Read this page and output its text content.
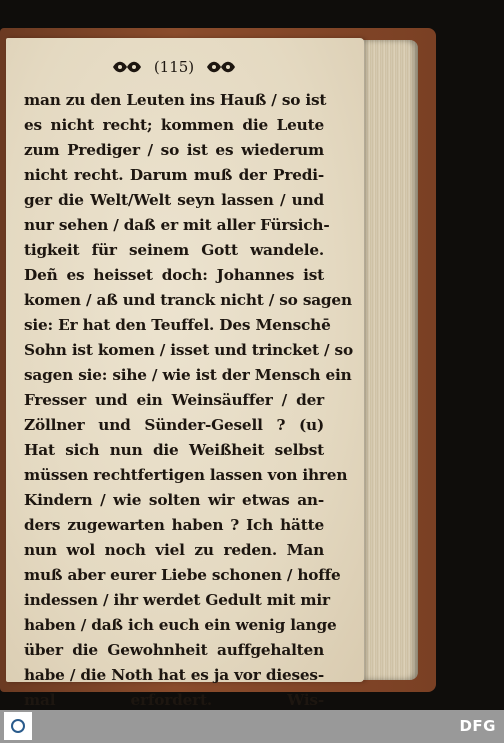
(115)
man zu den Leuten ins Hauß / so ist
es nicht recht; kommen die Leute
zum Prediger / so ist es wiederum
nicht recht. Darum muß der Predi-
ger die Welt/Welt seyn lassen / und
nur sehen / daß er mit aller Fürsich-
tigkeit für seinem Gott wandele.
Deñ es heisset doch: Johannes ist
komen / aß und tranck nicht / so sagen
sie: Er hat den Teuffel. Des Menschē
Sohn ist komen / isset und trincket / so
sagen sie: sihe / wie ist der Mensch ein
Fresser und ein Weinsäuffer / der
Zöllner und Sünder-Gesell ? (u)
Hat sich nun die Weißheit selbst
müssen rechtfertigen lassen von ihren
Kindern / wie solten wir etwas an-
ders zugewarten haben ? Ich hätte
nun wol noch viel zu reden. Man
muß aber eurer Liebe schonen / hoffe
indessen / ihr werdet Gedult mit mir
haben / daß ich euch ein wenig lange
über die Gewohnheit auffgehalten
habe / die Noth hat es ja vor dieses-
mal erfordert. Wis-
DFG
